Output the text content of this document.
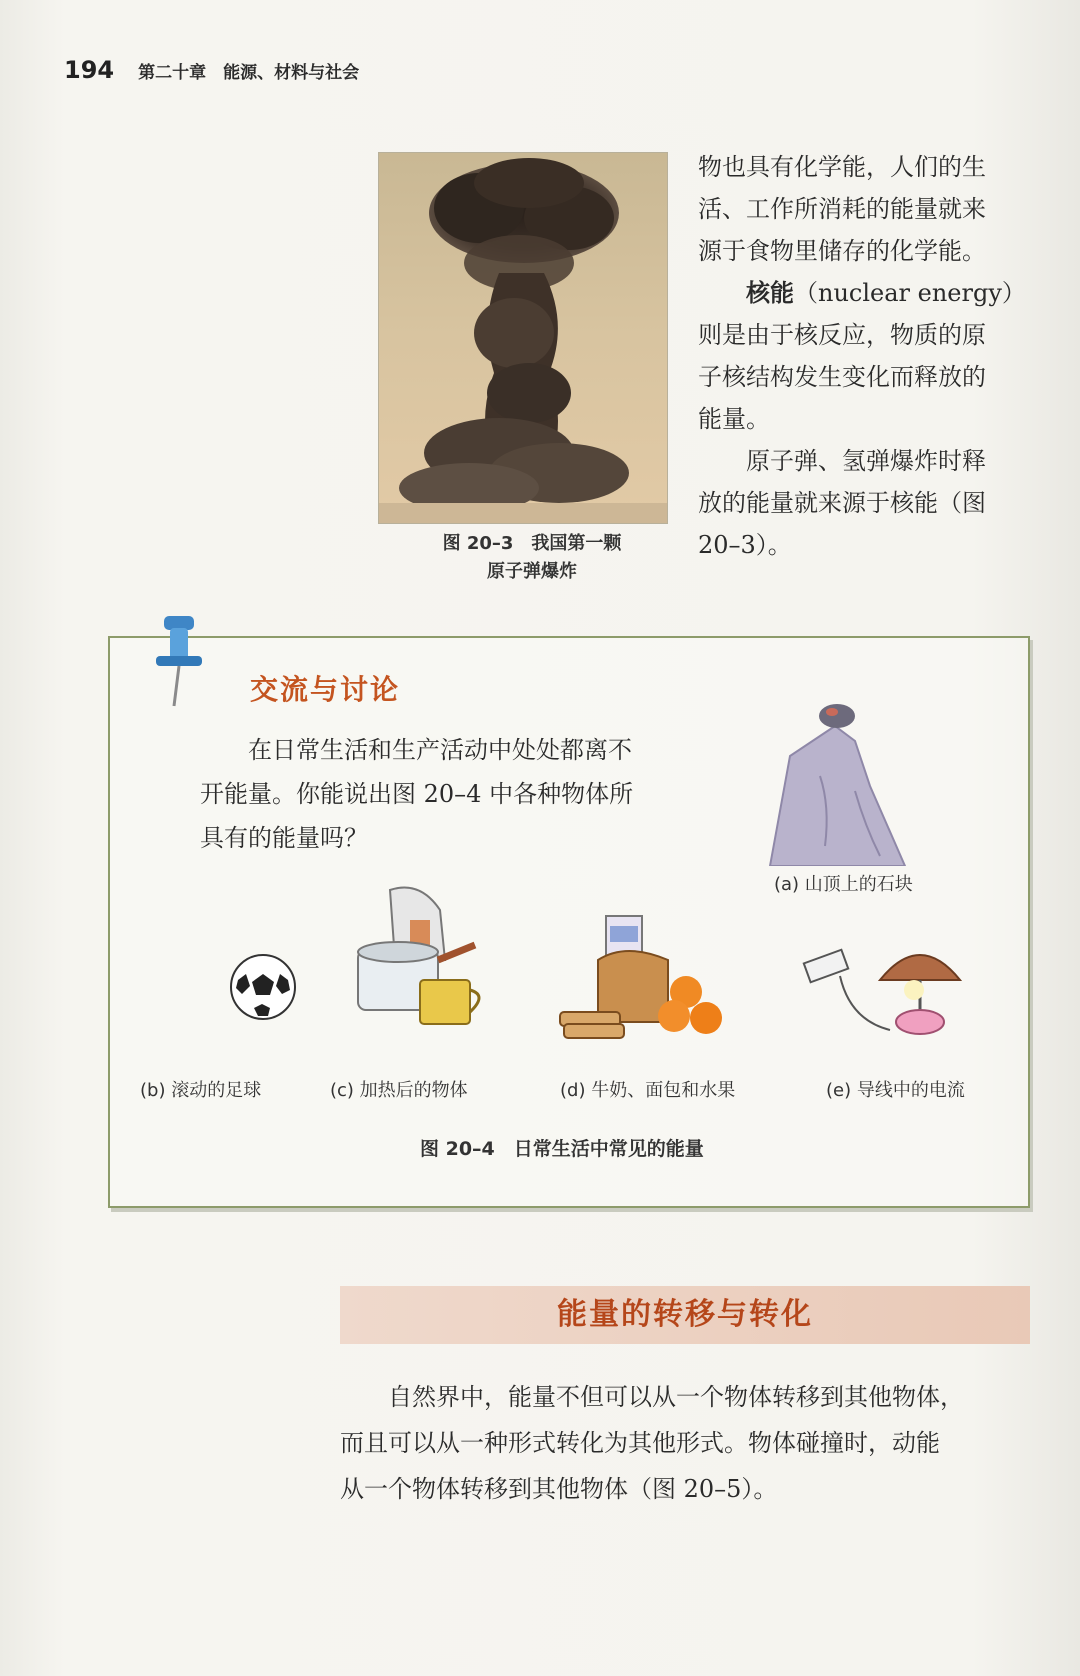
194 第二十章　能源、材料与社会
图 20–3　我国第一颗
原子弹爆炸

物也具有化学能，人们的生

活、工作所消耗的能量就来

源于食物里储存的化学能。

核能（nuclear energy）

则是由于核反应，物质的原

子核结构发生变化而释放的

能量。

原子弹、氢弹爆炸时释

放的能量就来源于核能（图

20–3）。

交流与讨论

在日常生活和生产活动中处处都离不

开能量。你能说出图 20–4 中各种物体所

具有的能量吗？

(a) 山顶上的石块
(b) 滚动的足球	(c) 加热后的物体	(d) 牛奶、面包和水果	(e) 导线中的电流
图 20–4　日常生活中常见的能量
能量的转移与转化

自然界中，能量不但可以从一个物体转移到其他物体，

而且可以从一种形式转化为其他形式。物体碰撞时，动能

从一个物体转移到其他物体（图 20–5）。
